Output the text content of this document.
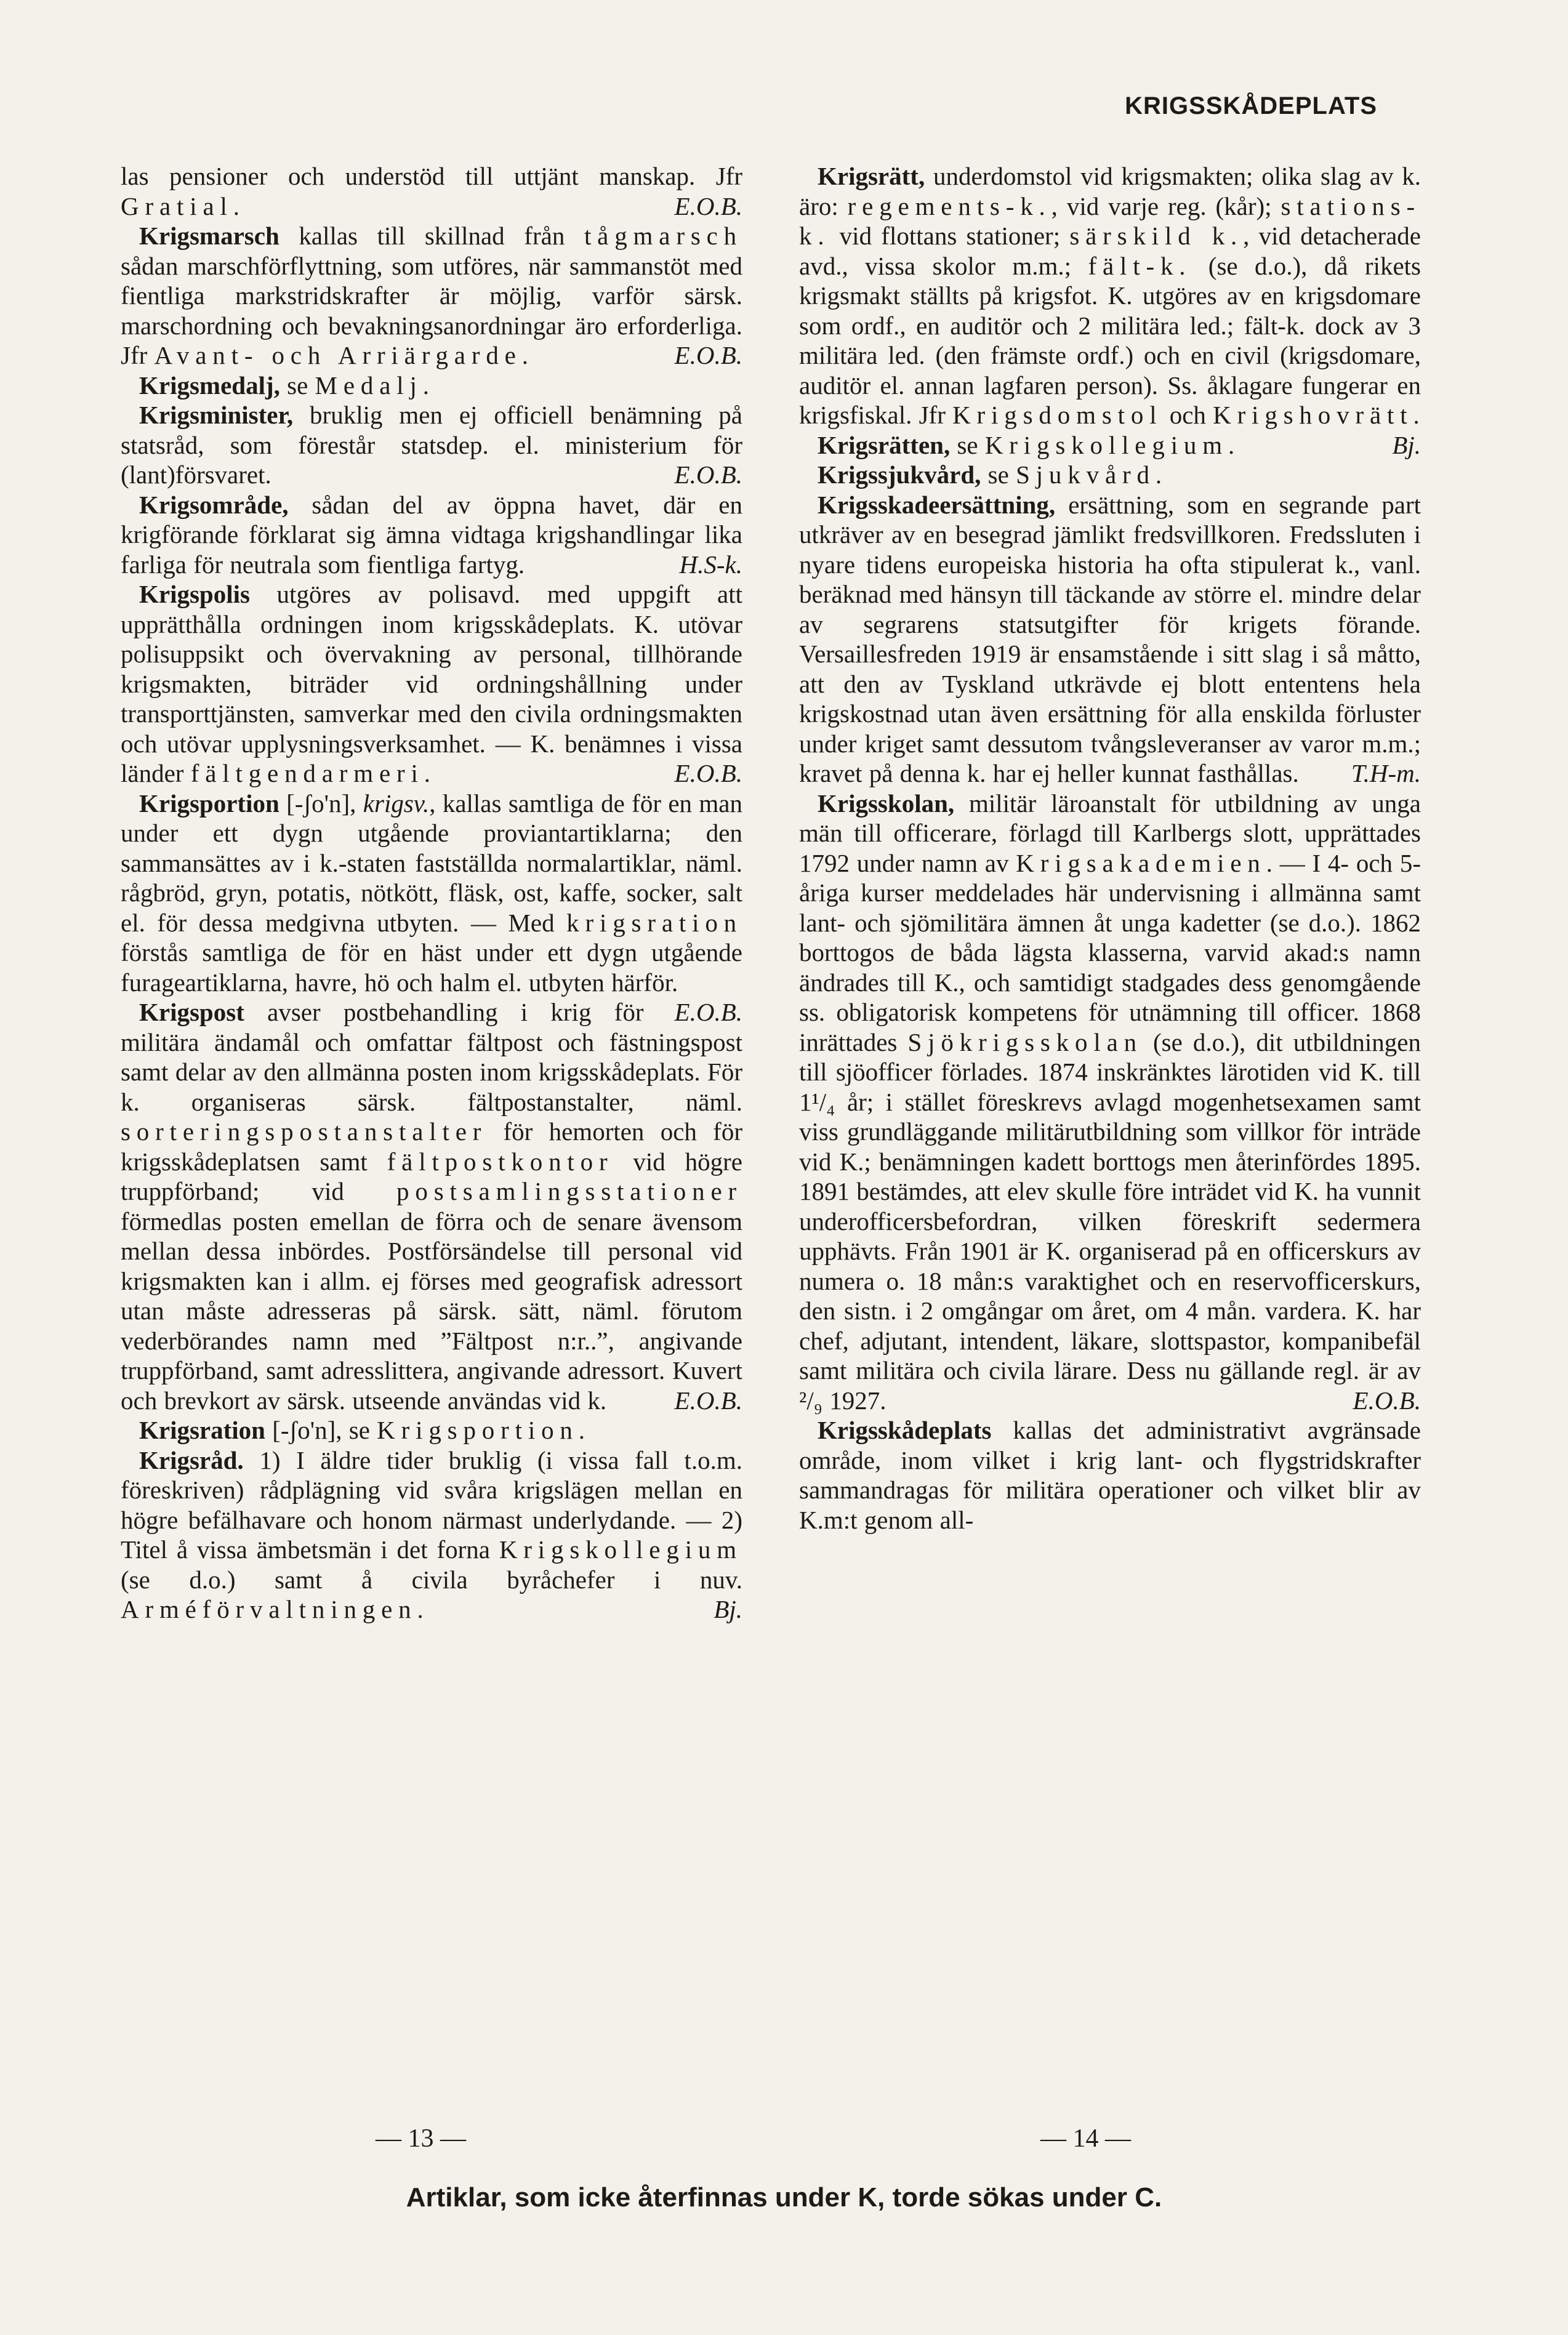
KRIGSSKÅDEPLATS

las pensioner och understöd till uttjänt manskap. Jfr Gratial.	E.O.B.

Krigsmarsch kallas till skillnad från tågmarsch sådan marschförflyttning, som utföres, när sammanstöt med fientliga markstridskrafter är möjlig, varför särsk. marschordning och bevakningsanordningar äro erforderliga. Jfr Avant- och Arriärgarde.	E.O.B.

Krigsmedalj, se Medalj.

Krigsminister, bruklig men ej officiell benämning på statsråd, som förestår statsdep. el. ministerium för (lant)försvaret.	E.O.B.

Krigsområde, sådan del av öppna havet, där en krigförande förklarat sig ämna vidtaga krigshandlingar lika farliga för neutrala som fientliga fartyg.	H.S-k.

Krigspolis utgöres av polisavd. med uppgift att upprätthålla ordningen inom krigsskådeplats. K. utövar polisuppsikt och övervakning av personal, tillhörande krigsmakten, biträder vid ordningshållning under transporttjänsten, samverkar med den civila ordningsmakten och utövar upplysningsverksamhet. — K. benämnes i vissa länder fältgendarmeri.	E.O.B.

Krigsportion [-ʃo'n], krigsv., kallas samtliga de för en man under ett dygn utgående proviantartiklarna; den sammansättes av i k.-staten fastställda normalartiklar, näml. rågbröd, gryn, potatis, nötkött, fläsk, ost, kaffe, socker, salt el. för dessa medgivna utbyten. — Med krigsration förstås samtliga de för en häst under ett dygn utgående furageartiklarna, havre, hö och halm el. utbyten härför.
E.O.B.

Krigspost avser postbehandling i krig för militära ändamål och omfattar fältpost och fästningspost samt delar av den allmänna posten inom krigsskådeplats. För k. organiseras särsk. fältpostanstalter, näml. sorteringspostanstalter för hemorten och för krigsskådeplatsen samt fältpostkontor vid högre truppförband; vid postsamlingsstationer förmedlas posten emellan de förra och de senare ävensom mellan dessa inbördes. Postförsändelse till personal vid krigsmakten kan i allm. ej förses med geografisk adressort utan måste adresseras på särsk. sätt, näml. förutom vederbörandes namn med ”Fältpost n:r..”, angivande truppförband, samt adresslittera, angivande adressort. Kuvert och brevkort av särsk. utseende användas vid k.	E.O.B.

Krigsration [-ʃo'n], se Krigsportion.

Krigsråd. 1) I äldre tider bruklig (i vissa fall t.o.m. föreskriven) rådplägning vid svåra krigslägen mellan en högre befälhavare och honom närmast underlydande. — 2) Titel å vissa ämbetsmän i det forna Krigskollegium (se d.o.) samt å civila byråchefer i nuv. Arméförvaltningen.	Bj.

Krigsrätt, underdomstol vid krigsmakten; olika slag av k. äro: regements-k., vid varje reg. (kår); stations-k. vid flottans stationer; särskild k., vid detacherade avd., vissa skolor m.m.; fält-k. (se d.o.), då rikets krigsmakt ställts på krigsfot. K. utgöres av en krigsdomare som ordf., en auditör och 2 militära led.; fält-k. dock av 3 militära led. (den främste ordf.) och en civil (krigsdomare, auditör el. annan lagfaren person). Ss. åklagare fungerar en krigsfiskal. Jfr Krigsdomstol och Krigshovrätt.
Bj.

Krigsrätten, se Krigskollegium.

Krigssjukvård, se Sjukvård.

Krigsskadeersättning, ersättning, som en segrande part utkräver av en besegrad jämlikt fredsvillkoren. Fredssluten i nyare tidens europeiska historia ha ofta stipulerat k., vanl. beräknad med hänsyn till täckande av större el. mindre delar av segrarens statsutgifter för krigets förande. Versaillesfreden 1919 är ensamstående i sitt slag i så måtto, att den av Tyskland utkrävde ej blott ententens hela krigskostnad utan även ersättning för alla enskilda förluster under kriget samt dessutom tvångsleveranser av varor m.m.; kravet på denna k. har ej heller kunnat fasthållas.	T.H-m.

Krigsskolan, militär läroanstalt för utbildning av unga män till officerare, förlagd till Karlbergs slott, upprättades 1792 under namn av Krigsakademien. — I 4- och 5-åriga kurser meddelades här undervisning i allmänna samt lant- och sjömilitära ämnen åt unga kadetter (se d.o.). 1862 borttogos de båda lägsta klasserna, varvid akad:s namn ändrades till K., och samtidigt stadgades dess genomgående ss. obligatorisk kompetens för utnämning till officer. 1868 inrättades Sjökrigsskolan (se d.o.), dit utbildningen till sjöofficer förlades. 1874 inskränktes lärotiden vid K. till 1¹/₄ år; i stället föreskrevs avlagd mogenhetsexamen samt viss grundläggande militärutbildning som villkor för inträde vid K.; benämningen kadett borttogs men återinfördes 1895. 1891 bestämdes, att elev skulle före inträdet vid K. ha vunnit underofficersbefordran, vilken föreskrift sedermera upphävts. Från 1901 är K. organiserad på en officerskurs av numera o. 18 mån:s varaktighet och en reservofficerskurs, den sistn. i 2 omgångar om året, om 4 mån. vardera. K. har chef, adjutant, intendent, läkare, slottspastor, kompanibefäl samt militära och civila lärare. Dess nu gällande regl. är av ²/₉ 1927.	E.O.B.

Krigsskådeplats kallas det administrativt avgränsade område, inom vilket i krig lant- och flygstridskrafter sammandragas för militära operationer och vilket blir av K.m:t genom all-

— 13 —	— 14 —
Artiklar, som icke återfinnas under K, torde sökas under C.
